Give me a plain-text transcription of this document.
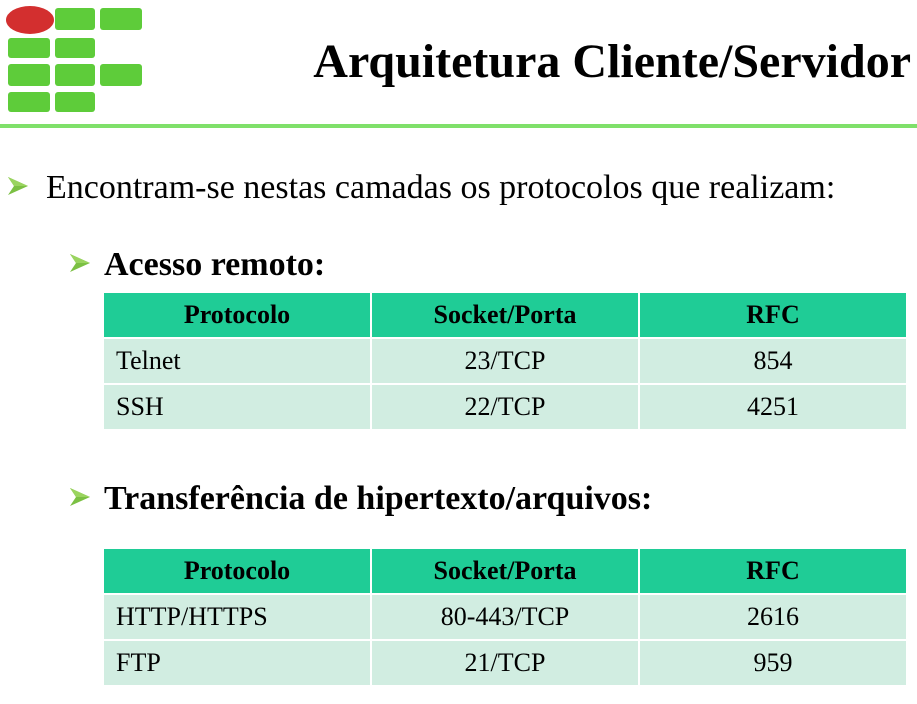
Arquitetura Cliente/Servidor
Encontram-se nestas camadas os protocolos que realizam:
Acesso remoto:
Protocolo	Socket/Porta	RFC
Telnet	23/TCP	854
SSH	22/TCP	4251
Transferência de hipertexto/arquivos:
Protocolo	Socket/Porta	RFC
HTTP/HTTPS	80-443/TCP	2616
FTP	21/TCP	959
